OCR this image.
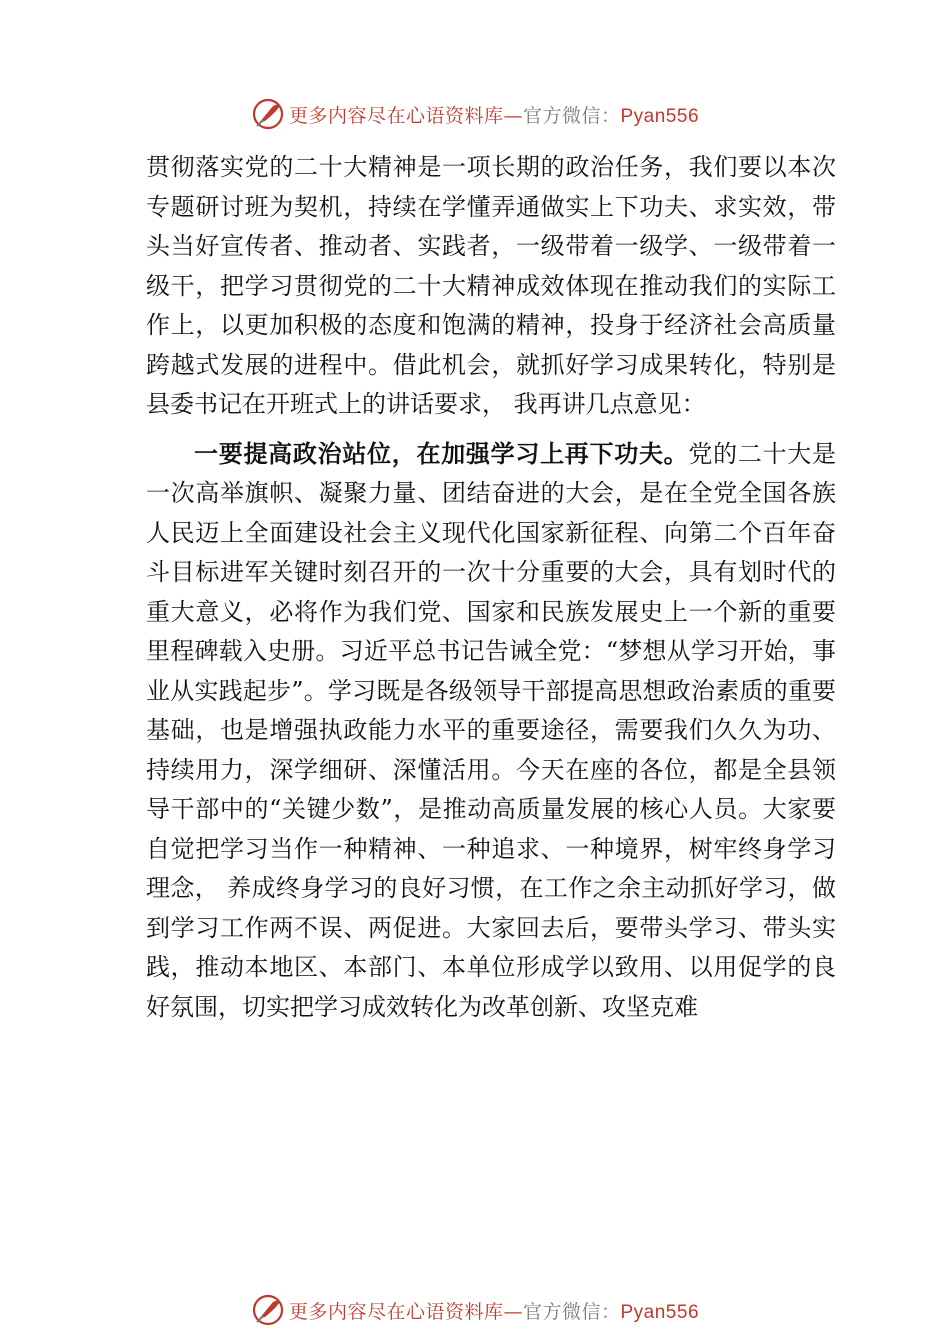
更多内容尽在心语资料库—官方微信：Pyan556

贯彻落实党的二十大精神是一项长期的政治任务，我们要以本次专题研讨班为契机，持续在学懂弄通做实上下功夫、求实效，带头当好宣传者、推动者、实践者，一级带着一级学、一级带着一级干，把学习贯彻党的二十大精神成效体现在推动我们的实际工作上，以更加积极的态度和饱满的精神，投身于经济社会高质量跨越式发展的进程中。借此机会，就抓好学习成果转化，特别是县委书记在开班式上的讲话要求， 我再讲几点意见：

一要提高政治站位，在加强学习上再下功夫。党的二十大是一次高举旗帜、凝聚力量、团结奋进的大会，是在全党全国各族人民迈上全面建设社会主义现代化国家新征程、向第二个百年奋斗目标进军关键时刻召开的一次十分重要的大会，具有划时代的重大意义，必将作为我们党、国家和民族发展史上一个新的重要里程碑载入史册。习近平总书记告诫全党：“梦想从学习开始，事业从实践起步”。学习既是各级领导干部提高思想政治素质的重要基础，也是增强执政能力水平的重要途径，需要我们久久为功、持续用力，深学细研、深懂活用。今天在座的各位，都是全县领导干部中的“关键少数”，是推动高质量发展的核心人员。大家要自觉把学习当作一种精神、一种追求、一种境界，树牢终身学习理念， 养成终身学习的良好习惯，在工作之余主动抓好学习，做到学习工作两不误、两促进。大家回去后，要带头学习、带头实践，推动本地区、本部门、本单位形成学以致用、以用促学的良好氛围，切实把学习成效转化为改革创新、攻坚克难

更多内容尽在心语资料库—官方微信：Pyan556
